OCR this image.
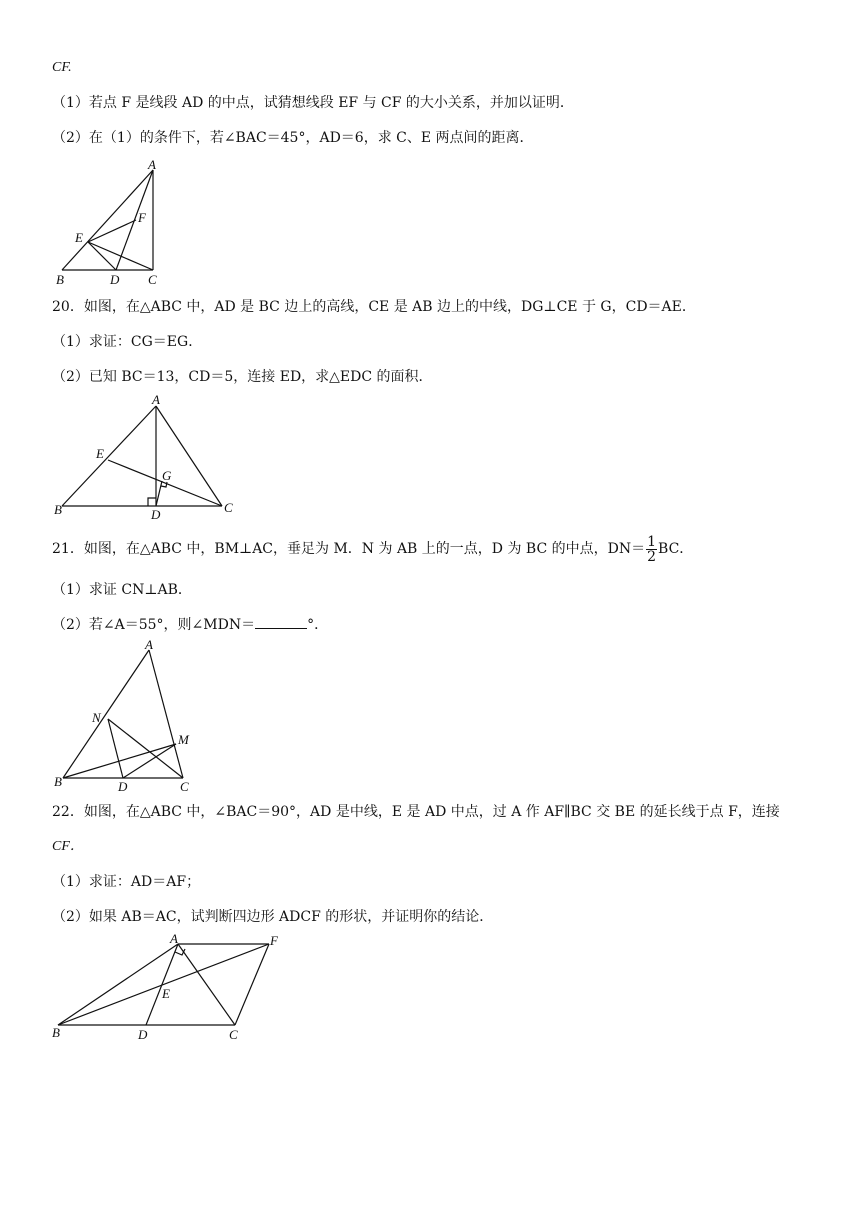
CF.
（1）若点 F 是线段 AD 的中点，试猜想线段 EF 与 CF 的大小关系，并加以证明．
（2）在（1）的条件下，若∠BAC＝45°，AD＝6，求 C、E 两点间的距离．
A
E
F
B	D C
20．如图，在△ABC 中，AD 是 BC 边上的高线，CE 是 AB 边上的中线，DG⊥CE 于 G，CD＝AE．
（1）求证：CG＝EG．
（2）已知 BC＝13，CD＝5，连接 ED，求△EDC 的面积．
A
E
G
B	D	C
21．如图，在△ABC 中，BM⊥AC，垂足为 M．N 为 AB 上的一点，D 为 BC 的中点，$DN= \frac{1}{2}$ BC．
（1）求证 CN⊥AB．
（2）若∠A＝55°，则∠MDN＝	°．
A
N
M
B	D	C
22．如图，在△ABC 中，∠BAC＝90°，AD 是中线，E 是 AD 中点，过 A 作 AF∥BC 交 BE 的延长线于点 F，连接
CF．
（1）求证：AD＝AF；
（2）如果 AB＝AC，试判断四边形 ADCF 的形状，并证明你的结论．
A	F
E
B	D	C
